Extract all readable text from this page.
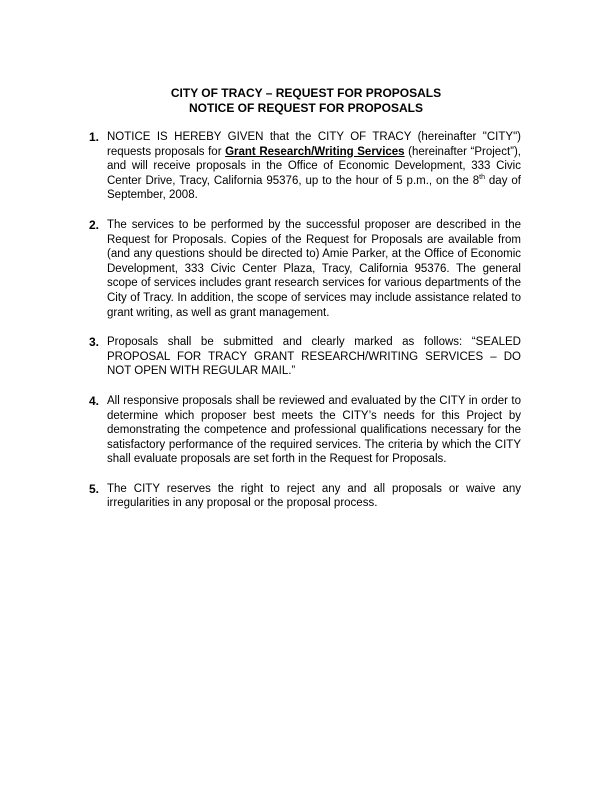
CITY OF TRACY – REQUEST FOR PROPOSALS
NOTICE OF REQUEST FOR PROPOSALS
1. NOTICE IS HEREBY GIVEN that the CITY OF TRACY (hereinafter "CITY") requests proposals for Grant Research/Writing Services (hereinafter “Project”), and will receive proposals in the Office of Economic Development, 333 Civic Center Drive, Tracy, California 95376, up to the hour of 5 p.m., on the 8th day of September, 2008.
2. The services to be performed by the successful proposer are described in the Request for Proposals. Copies of the Request for Proposals are available from (and any questions should be directed to) Amie Parker, at the Office of Economic Development, 333 Civic Center Plaza, Tracy, California 95376. The general scope of services includes grant research services for various departments of the City of Tracy. In addition, the scope of services may include assistance related to grant writing, as well as grant management.
3. Proposals shall be submitted and clearly marked as follows: “SEALED PROPOSAL FOR TRACY GRANT RESEARCH/WRITING SERVICES – DO NOT OPEN WITH REGULAR MAIL.”
4. All responsive proposals shall be reviewed and evaluated by the CITY in order to determine which proposer best meets the CITY’s needs for this Project by demonstrating the competence and professional qualifications necessary for the satisfactory performance of the required services. The criteria by which the CITY shall evaluate proposals are set forth in the Request for Proposals.
5. The CITY reserves the right to reject any and all proposals or waive any irregularities in any proposal or the proposal process.
